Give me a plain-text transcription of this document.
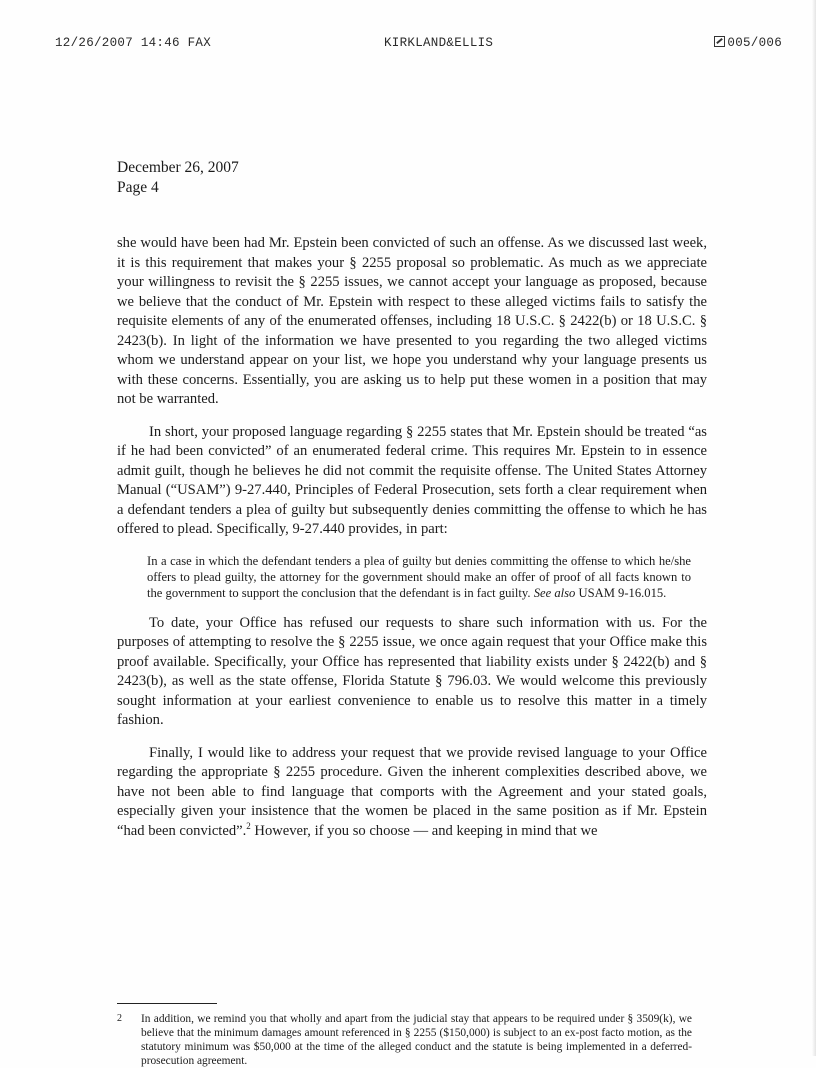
12/26/2007 14:46 FAX	KIRKLAND&ELLIS	005/006
December 26, 2007
Page 4

she would have been had Mr. Epstein been convicted of such an offense. As we discussed last week, it is this requirement that makes your § 2255 proposal so problematic. As much as we appreciate your willingness to revisit the § 2255 issues, we cannot accept your language as proposed, because we believe that the conduct of Mr. Epstein with respect to these alleged victims fails to satisfy the requisite elements of any of the enumerated offenses, including 18 U.S.C. § 2422(b) or 18 U.S.C. § 2423(b). In light of the information we have presented to you regarding the two alleged victims whom we understand appear on your list, we hope you understand why your language presents us with these concerns. Essentially, you are asking us to help put these women in a position that may not be warranted.

In short, your proposed language regarding § 2255 states that Mr. Epstein should be treated “as if he had been convicted” of an enumerated federal crime. This requires Mr. Epstein to in essence admit guilt, though he believes he did not commit the requisite offense. The United States Attorney Manual (“USAM”) 9-27.440, Principles of Federal Prosecution, sets forth a clear requirement when a defendant tenders a plea of guilty but subsequently denies committing the offense to which he has offered to plead. Specifically, 9-27.440 provides, in part:

In a case in which the defendant tenders a plea of guilty but denies committing the offense to which he/she offers to plead guilty, the attorney for the government should make an offer of proof of all facts known to the government to support the conclusion that the defendant is in fact guilty. See also USAM 9-16.015.

To date, your Office has refused our requests to share such information with us. For the purposes of attempting to resolve the § 2255 issue, we once again request that your Office make this proof available. Specifically, your Office has represented that liability exists under § 2422(b) and § 2423(b), as well as the state offense, Florida Statute § 796.03. We would welcome this previously sought information at your earliest convenience to enable us to resolve this matter in a timely fashion.

Finally, I would like to address your request that we provide revised language to your Office regarding the appropriate § 2255 procedure. Given the inherent complexities described above, we have not been able to find language that comports with the Agreement and your stated goals, especially given your insistence that the women be placed in the same position as if Mr. Epstein “had been convicted”.$^2$ However, if you so choose — and keeping in mind that we

2 In addition, we remind you that wholly and apart from the judicial stay that appears to be required under § 3509(k), we believe that the minimum damages amount referenced in § 2255 ($150,000) is subject to an ex-post facto motion, as the statutory minimum was $50,000 at the time of the alleged conduct and the statute is being implemented in a deferred-prosecution agreement.
